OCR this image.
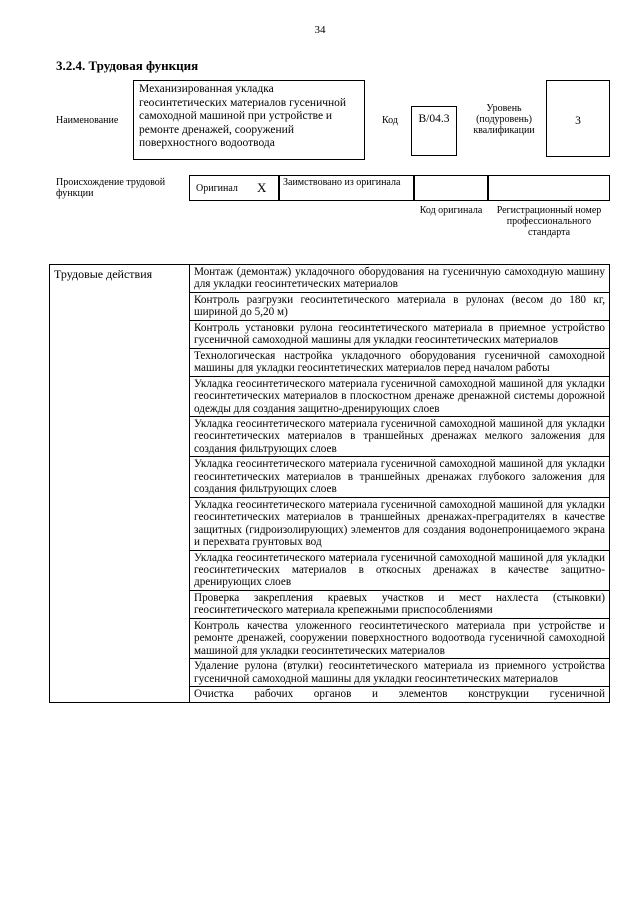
34
3.2.4. Трудовая функция
Наименование
Механизированная укладка геосинтетических материалов гусеничной самоходной машиной при устройстве и ремонте дренажей, сооружений поверхностного водоотвода
Код	B/04.3
Уровень (подуровень) квалификации
3
Происхождение трудовой функции	Оригинал X	Заимствовано из оригинала
Код оригинала	Регистрационный номер профессионального стандарта
Трудовые действия	Монтаж (демонтаж) укладочного оборудования на гусеничную самоходную машину для укладки геосинтетических материалов
Контроль разгрузки геосинтетического материала в рулонах (весом до 180 кг, шириной до 5,20 м)
Контроль установки рулона геосинтетического материала в приемное устройство гусеничной самоходной машины для укладки геосинтетических материалов
Технологическая настройка укладочного оборудования гусеничной самоходной машины для укладки геосинтетических материалов перед началом работы
Укладка геосинтетического материала гусеничной самоходной машиной для укладки геосинтетических материалов в плоскостном дренаже дренажной системы дорожной одежды для создания защитно-дренирующих слоев
Укладка геосинтетического материала гусеничной самоходной машиной для укладки геосинтетических материалов в траншейных дренажах мелкого заложения для создания фильтрующих слоев
Укладка геосинтетического материала гусеничной самоходной машиной для укладки геосинтетических материалов в траншейных дренажах глубокого заложения для создания фильтрующих слоев
Укладка геосинтетического материала гусеничной самоходной машиной для укладки геосинтетических материалов в траншейных дренажах-преградителях в качестве защитных (гидроизолирующих) элементов для создания водонепроницаемого экрана и перехвата грунтовых вод
Укладка геосинтетического материала гусеничной самоходной машиной для укладки геосинтетических материалов в откосных дренажах в качестве защитно-дренирующих слоев
Проверка закрепления краевых участков и мест нахлеста (стыковки) геосинтетического материала крепежными приспособлениями
Контроль качества уложенного геосинтетического материала при устройстве и ремонте дренажей, сооружении поверхностного водоотвода гусеничной самоходной машиной для укладки геосинтетических материалов
Удаление рулона (втулки) геосинтетического материала из приемного устройства гусеничной самоходной машины для укладки геосинтетических материалов
Очистка рабочих органов и элементов конструкции гусеничной
